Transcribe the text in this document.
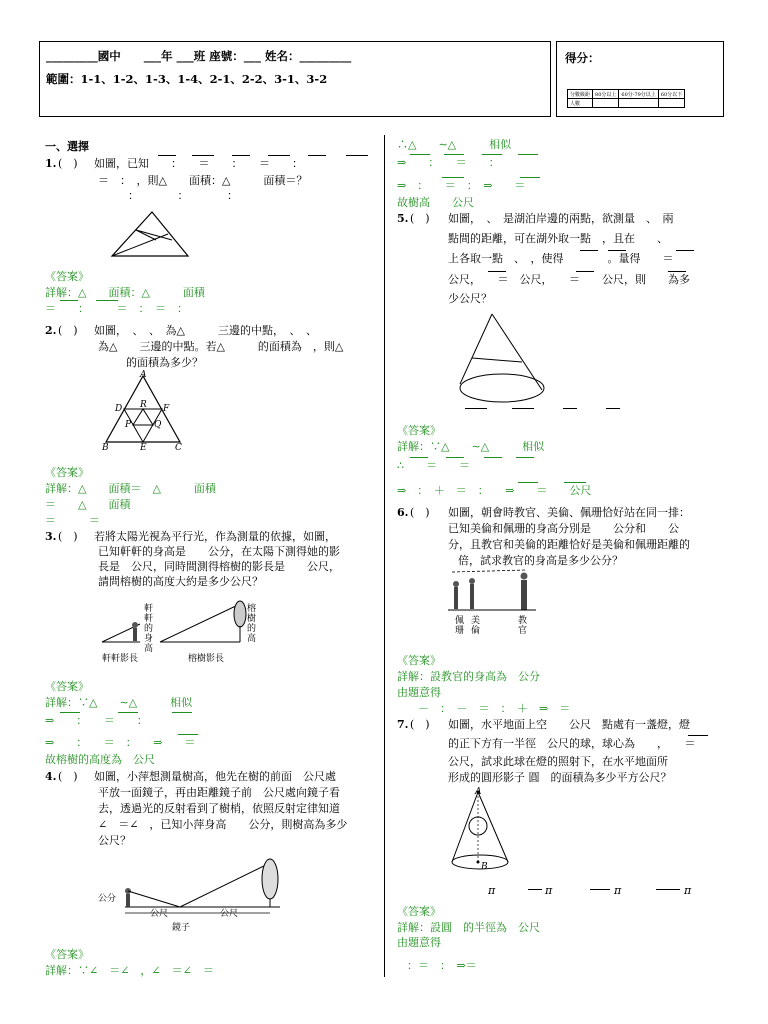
_________國中　　___年 ___班 座號：___ 姓名：_________
範圍：1-1、1-2、1-3、1-4、2-1、2-2、3-1、3-2
得分：
分數級距	80分以上	60分-79分以上	60分以下
人數			
一、選擇
1. (　) 如圖，已知　　：　　＝　　：　　＝　　：
＝　：　，則△　　面積：△　　　面積＝？
：　　　　：　　　　：
《答案》
詳解：△　　面積：△　　　面積
＝　　：　　　＝　：　＝　：
2. (　) 如圖，　、　、　為△　　　三邊的中點，　、　、
為△　　三邊的中點。若△　　　的面積為　，則△
的面積為多少？
A
R
D	F
P	Q
B	E	C
《答案》
詳解：△　　面積＝　△　　　面積
＝　　△　　面積
＝　　　＝
3. (　) 若將太陽光視為平行光，作為測量的依據，如圖，
已知軒軒的身高是　　公分，在太陽下測得她的影
長是　公尺，同時間測得榕樹的影長是　　公尺，
請問榕樹的高度大約是多少公尺？
軒軒的身高
榕樹的高
軒軒影長	榕樹影長
《答案》
詳解：∵△　　∼△　　　相似
⇒　　：　　＝　　：
⇒　　：　　＝　：　　⇒　　＝
故榕樹的高度為　公尺
4. (　) 如圖，小萍想測量樹高，他先在樹的前面　公尺處
平放一面鏡子，再由距離鏡子前　公尺處向鏡子看
去，透過光的反射看到了樹梢，依照反射定律知道
∠　＝∠　，已知小萍身高　　公分，則樹高為多少
公尺？
公分
公尺	公尺
鏡子
《答案》
詳解：∵∠　＝∠　，∠　＝∠　＝
∴△　　∼△　　　相似
⇒　　：　　＝　　：
⇒　：　　＝　：　⇒　　＝
故樹高　　公尺
5. (　) 如圖，　、　是湖泊岸邊的兩點，欲測量　、　兩
點間的距離，可在湖外取一點　，且在　　、
上各取一點　、　，使得　　　　。量得　　＝
公尺，　　＝　公尺，　　＝　　公尺，則　　為多
少公尺？
《答案》
詳解：∵△　　∼△　　　相似
∴　　＝　　＝
⇒　：　＋　＝　：　　⇒　　＝　　公尺
6. (　) 如圖，朝會時教官、美倫、佩珊恰好站在同一排：
已知美倫和佩珊的身高分別是　　公分和　　公
分，且教官和美倫的距離恰好是美倫和佩珊距離的
倍，試求教官的身高是多少公分？
佩珊
美倫
教官
《答案》
詳解：設教官的身高為　公分
由題意得
－　：　－　＝　：　＋　⇒　＝
7. (　) 如圖，水平地面上空　　公尺　點處有一盞燈，燈
的正下方有一半徑　公尺的球，球心為　　，　　＝
公尺，試求此球在燈的照射下，在水平地面所
形成的圓形影子 圓　的面積為多少平方公尺？
A
B
π	π	π	π
《答案》
詳解：設圓　的半徑為　公尺
由題意得
：＝　：　⇒＝
